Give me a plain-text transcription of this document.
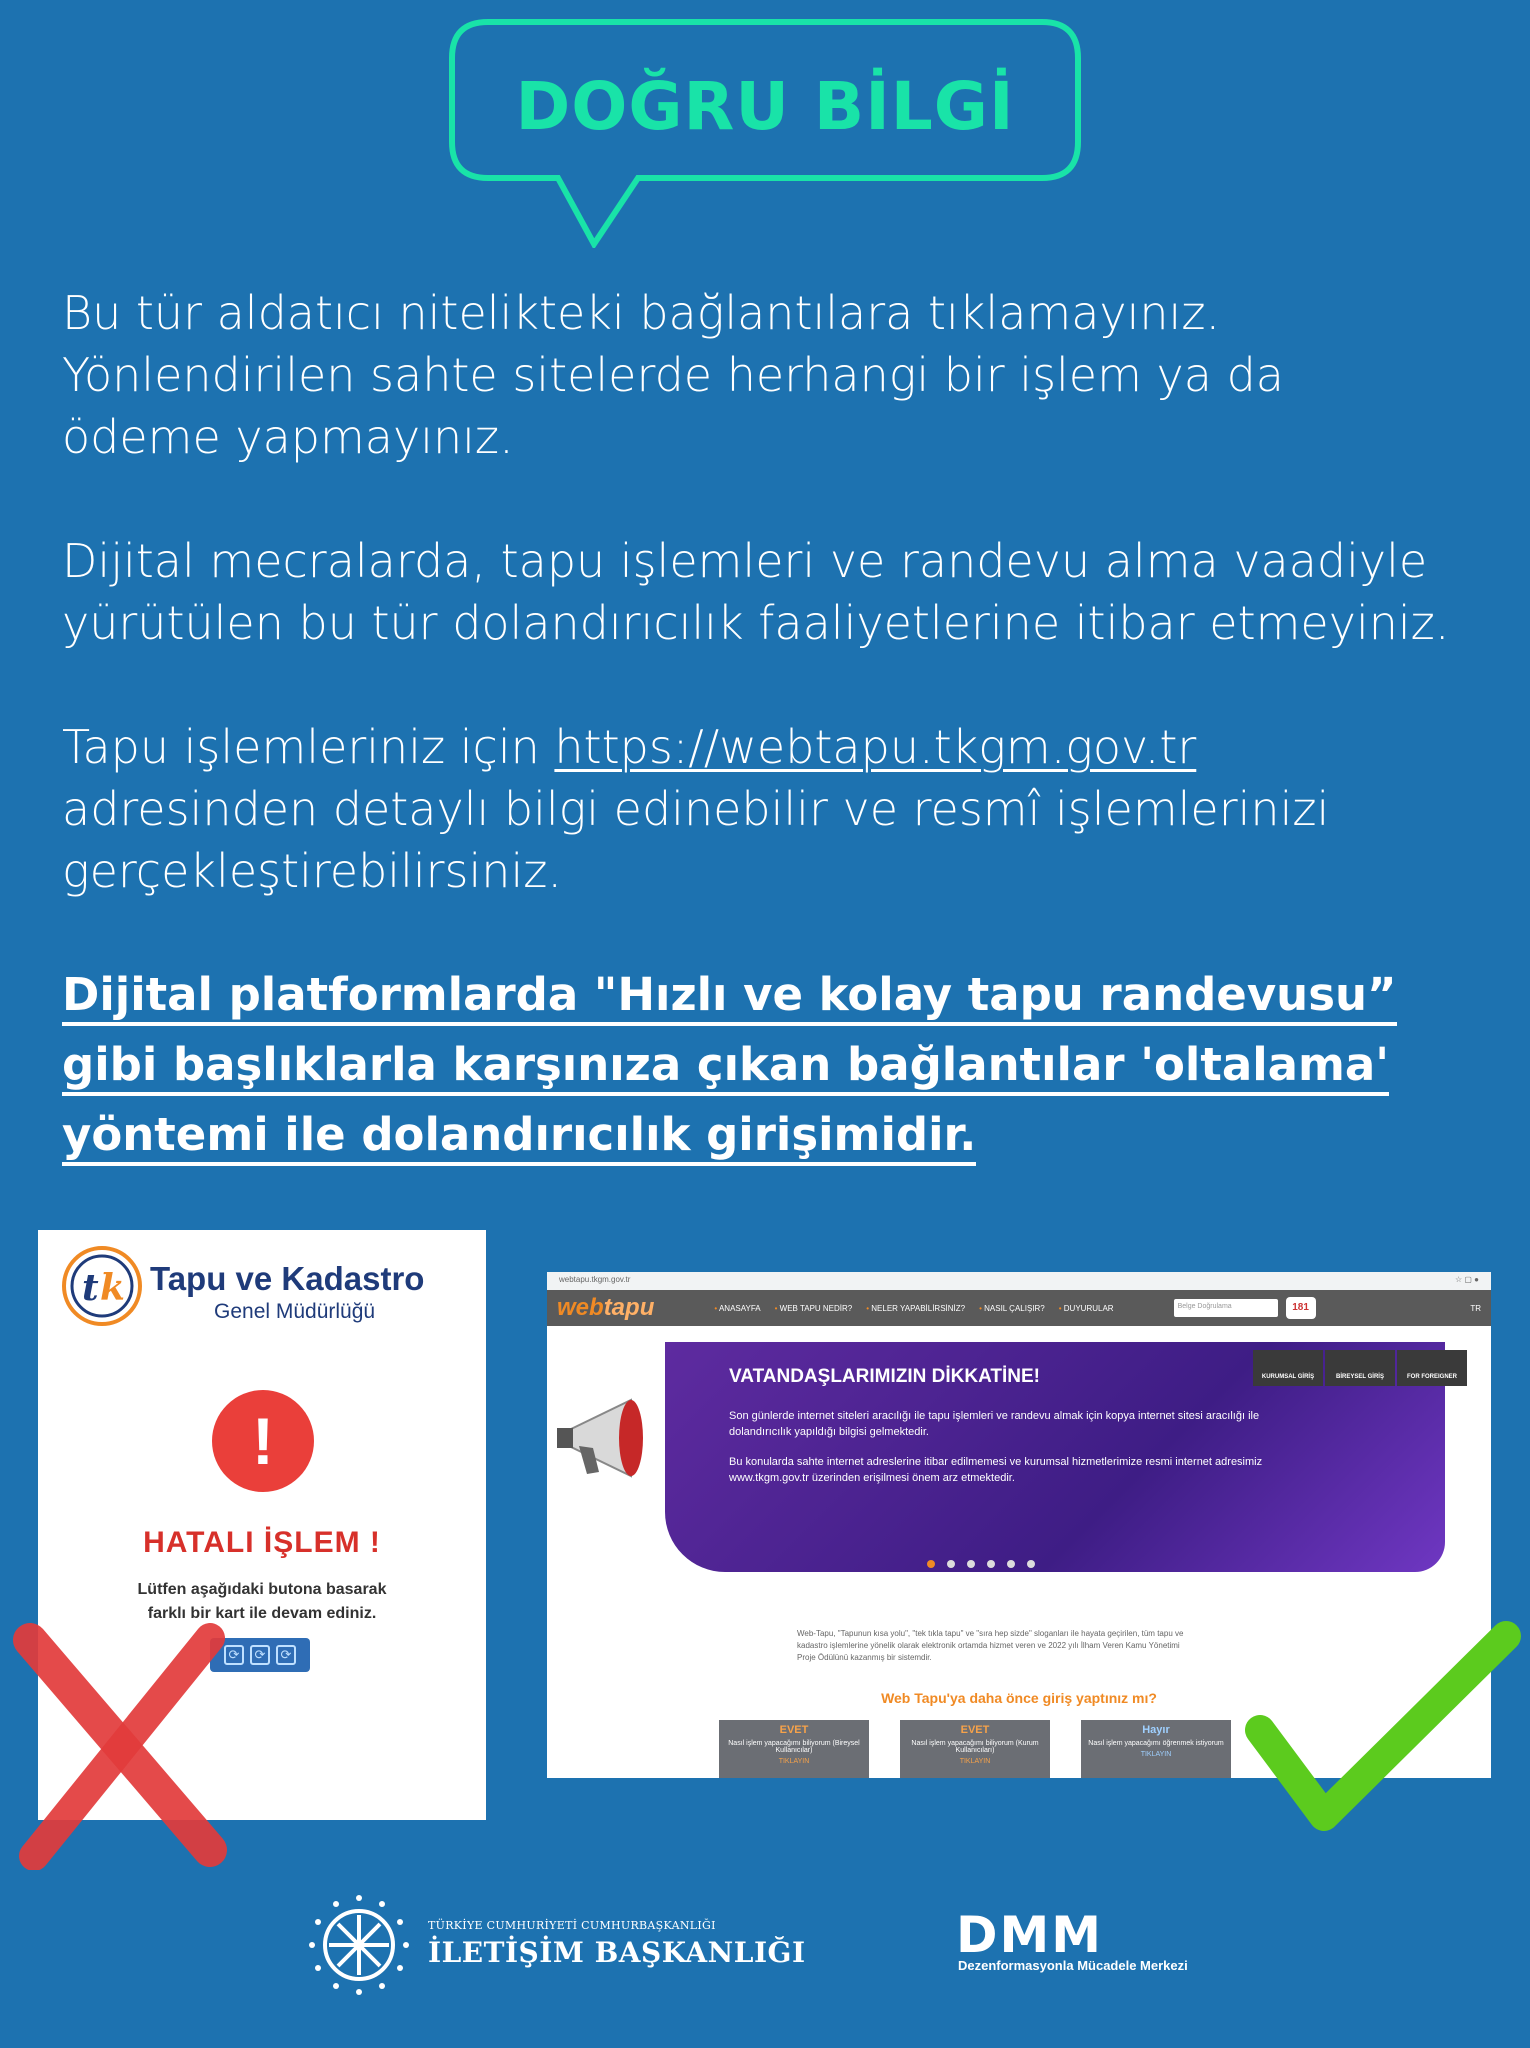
DOĞRU BİLGİ
Bu tür aldatıcı nitelikteki bağlantılara tıklamayınız.
Yönlendirilen sahte sitelerde herhangi bir işlem ya da
ödeme yapmayınız.
Dijital mecralarda, tapu işlemleri ve randevu alma vaadiyle
yürütülen bu tür dolandırıcılık faaliyetlerine itibar etmeyiniz.
Tapu işlemleriniz için https://webtapu.tkgm.gov.tr
adresinden detaylı bilgi edinebilir ve resmî işlemlerinizi
gerçekleştirebilirsiniz.
Dijital platformlarda "Hızlı ve kolay tapu randevusu”
gibi başlıklarla karşınıza çıkan bağlantılar 'oltalama'
yöntemi ile dolandırıcılık girişimidir.
t k Tapu ve Kadastro
Genel Müdürlüğü
!
HATALI İŞLEM !
Lütfen aşağıdaki butona basarak
farklı bir kart ile devam ediniz.
⟳	⟳	⟳
webtapu.tkgm.gov.tr	☆ ▢ ●
webtapu	• ANASAYFA	• WEB TAPU NEDİR?	• NELER YAPABİLİRSİNİZ?	• NASIL ÇALIŞIR?	• DUYURULAR	Belge Doğrulama	181	TR
VATANDAŞLARIMIZIN DİKKATİNE!
Son günlerde internet siteleri aracılığı ile tapu işlemleri ve randevu almak için kopya internet sitesi aracılığı ile dolandırıcılık yapıldığı bilgisi gelmektedir.
Bu konularda sahte internet adreslerine itibar edilmemesi ve kurumsal hizmetlerimize resmi internet adresimiz www.tkgm.gov.tr üzerinden erişilmesi önem arz etmektedir.
KURUMSAL GİRİŞ	BİREYSEL GİRİŞ	FOR FOREIGNER
Web-Tapu, "Tapunun kısa yolu", "tek tıkla tapu" ve "sıra hep sizde" sloganları ile hayata geçirilen, tüm tapu ve kadastro işlemlerine yönelik olarak elektronik ortamda hizmet veren ve 2022 yılı İlham Veren Kamu Yönetimi Proje Ödülünü kazanmış bir sistemdir.
Web Tapu'ya daha önce giriş yaptınız mı?
EVET
Nasıl işlem yapacağımı biliyorum (Bireysel Kullanıcılar)
TIKLAYIN
EVET
Nasıl işlem yapacağımı biliyorum (Kurum Kullanıcıları)
TIKLAYIN
Hayır
Nasıl işlem yapacağımı öğrenmek istiyorum
TIKLAYIN
TÜRKİYE CUMHURİYETİ CUMHURBAŞKANLIĞI
İLETİŞİM BAŞKANLIĞI	DMM
Dezenformasyonla Mücadele Merkezi
